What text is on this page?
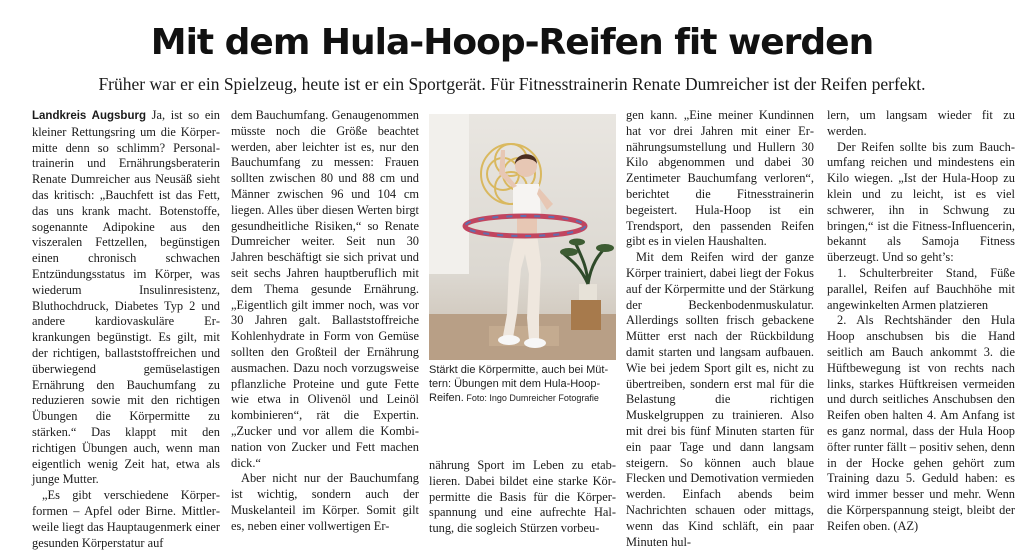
Mit dem Hula-Hoop-Reifen fit werden
Früher war er ein Spielzeug, heute ist er ein Sportgerät. Für Fitnesstrainerin Renate Dumreicher ist der Reifen perfekt.

Landkreis Augsburg Ja, ist so ein kleiner Rettungsring um die Körpermitte denn so schlimm? Personaltrainerin und Ernährungsberaterin Renate Dumreicher aus Neusäß sieht das kritisch: „Bauchfett ist das Fett, das uns krank macht. Botenstoffe, sogenannte Adipokine aus den viszeralen Fettzellen, begünstigen einen chronisch schwachen Entzündungsstatus im Körper, was wiederum Insulinresistenz, Bluthochdruck, Diabetes Typ 2 und andere kardiovaskuläre Erkrankungen begünstigt. Es gilt, mit der richtigen, ballaststoffreichen und überwiegend gemüselastigen Ernährung den Bauchumfang zu reduzieren sowie mit den richtigen Übungen die Körpermitte zu stärken.“ Das klappt mit den richtigen Übungen auch, wenn man eigentlich wenig Zeit hat, etwa als junge Mutter.

„Es gibt verschiedene Körperformen – Apfel oder Birne. Mittlerweile liegt das Hauptaugenmerk einer gesunden Körperstatur auf

dem Bauchumfang. Genaugenommen müsste noch die Größe beachtet werden, aber leichter ist es, nur den Bauchumfang zu messen: Frauen sollten zwischen 80 und 88 cm und Männer zwischen 96 und 104 cm liegen. Alles über diesen Werten birgt gesundheitliche Risiken,“ so Renate Dumreicher weiter. Seit nun 30 Jahren beschäftigt sie sich privat und seit sechs Jahren hauptberuflich mit dem Thema gesunde Ernährung. „Eigentlich gilt immer noch, was vor 30 Jahren galt. Ballaststoffreiche Kohlenhydrate in Form von Gemüse sollten den Großteil der Ernährung ausmachen. Dazu noch vorzugsweise pflanzliche Proteine und gute Fette wie etwa in Olivenöl und Leinöl kombinieren“, rät die Expertin. „Zucker und vor allem die Kombination von Zucker und Fett machen dick.“

Aber nicht nur der Bauchumfang ist wichtig, sondern auch der Muskelanteil im Körper. Somit gilt es, neben einer vollwertigen Er-

Stärkt die Körpermitte, auch bei Müttern: Übungen mit dem Hula-Hoop-Reifen. Foto: Ingo Dumreicher Fotografie

nährung Sport im Leben zu etablieren. Dabei bildet eine starke Körpermitte die Basis für die Körperspannung und eine aufrechte Haltung, die sogleich Stürzen vorbeu-

gen kann. „Eine meiner Kundinnen hat vor drei Jahren mit einer Ernährungsumstellung und Hullern 30 Kilo abgenommen und dabei 30 Zentimeter Bauchumfang verloren“, berichtet die Fitnesstrainerin begeistert. Hula-Hoop ist ein Trendsport, den passenden Reifen gibt es in vielen Haushalten.

Mit dem Reifen wird der ganze Körper trainiert, dabei liegt der Fokus auf der Körpermitte und der Stärkung der Beckenbodenmuskulatur. Allerdings sollten frisch gebackene Mütter erst nach der Rückbildung damit starten und langsam aufbauen. Wie bei jedem Sport gilt es, nicht zu übertreiben, sondern erst mal für die Belastung die richtigen Muskelgruppen zu trainieren. Also mit drei bis fünf Minuten starten für ein paar Tage und dann langsam steigern. So können auch blaue Flecken und Demotivation vermieden werden. Einfach abends beim Nachrichten schauen oder mittags, wenn das Kind schläft, ein paar Minuten hul-

lern, um langsam wieder fit zu werden.

Der Reifen sollte bis zum Bauchumfang reichen und mindestens ein Kilo wiegen. „Ist der Hula-Hoop zu klein und zu leicht, ist es viel schwerer, ihn in Schwung zu bringen,“ ist die Fitness-Influencerin, bekannt als Samoja Fitness überzeugt. Und so geht’s:

1. Schulterbreiter Stand, Füße parallel, Reifen auf Bauchhöhe mit angewinkelten Armen platzieren

2. Als Rechtshänder den Hula Hoop anschubsen bis die Hand seitlich am Bauch ankommt 3. die Hüftbewegung ist von rechts nach links, starkes Hüftkreisen vermeiden und durch seitliches Anschubsen den Reifen oben halten 4. Am Anfang ist es ganz normal, dass der Hula Hoop öfter runter fällt – positiv sehen, denn in der Hocke gehen gehört zum Training dazu 5. Geduld haben: es wird immer besser und mehr. Wenn die Körperspannung steigt, bleibt der Reifen oben. (AZ)
